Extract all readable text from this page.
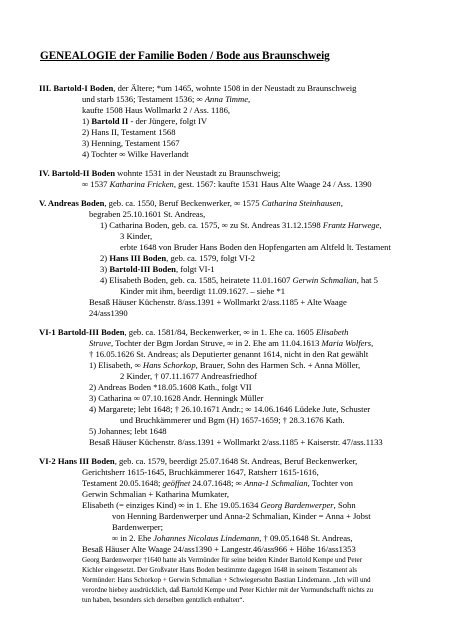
GENEALOGIE der Familie Boden / Bode aus Braunschweig
III. Bartold-I Boden, der Ältere; *um 1465, wohnte 1508 in der Neustadt zu Braunschweig
und starb 1536; Testament 1536; ∞ Anna Timme,
kaufte 1508 Haus Wollmarkt 2 / Ass. 1186,
1) Bartold II - der Jüngere, folgt IV
2) Hans II, Testament 1568
3) Henning, Testament 1567
4) Tochter ∞ Wilke Haverlandt
IV. Bartold-II Boden wohnte 1531 in der Neustadt zu Braunschweig;
∞ 1537 Katharina Fricken, gest. 1567: kaufte 1531 Haus Alte Waage 24 / Ass. 1390
V. Andreas Boden, geb. ca. 1550, Beruf Beckenwerker, ∞ 1575 Catharina Steinhausen,
begraben 25.10.1601 St. Andreas,
1) Catharina Boden, geb. ca. 1575, ∞ zu St. Andreas 31.12.1598 Frantz Harwege,
3 Kinder,
erbte 1648 von Bruder Hans Boden den Hopfengarten am Altfeld lt. Testament
2) Hans III Boden, geb. ca. 1579, folgt VI-2
3) Bartold-III Boden, folgt VI-1
4) Elisabeth Boden, geb. ca. 1585, heiratete 11.01.1607 Gerwin Schmalian, hat 5
Kinder mit ihm, beerdigt 11.09.1627. – siehe *1
Besaß Häuser Küchenstr. 8/ass.1391 + Wollmarkt 2/ass.1185 + Alte Waage
24/ass1390
VI-1 Bartold-III Boden, geb. ca. 1581/84, Beckenwerker, ∞ in 1. Ehe ca. 1605 Elisabeth
Struve, Tochter der Bgm Jordan Struve, ∞ in 2. Ehe am 11.04.1613 Maria Wolfers,
† 16.05.1626 St. Andreas; als Deputierter genannt 1614, nicht in den Rat gewählt
1) Elisabeth, ∞ Hans Schorkop, Brauer, Sohn des Harmen Sch. + Anna Möller,
2 Kinder, † 07.11.1677 Andreasfriedhof
2) Andreas Boden *18.05.1608 Kath., folgt VII
3) Catharina ∞ 07.10.1628 Andr. Henningk Müller
4) Margarete; lebt 1648; † 26.10.1671 Andr.; ∞ 14.06.1646 Lüdeke Jute, Schuster
und Bruchkämmerer und Bgm (H) 1657-1659; † 28.3.1676 Kath.
5) Johannes; lebt 1648
Besaß Häuser Küchenstr. 8/ass.1391 + Wollmarkt 2/ass.1185 + Kaiserstr. 47/ass.1133
VI-2 Hans III Boden, geb. ca. 1579, beerdigt 25.07.1648 St. Andreas, Beruf Beckenwerker,
Gerichtsherr 1615-1645, Bruchkämmerer 1647, Ratsherr 1615-1616,
Testament 20.05.1648; geöffnet 24.07.1648; ∞ Anna-1 Schmalian, Tochter von
Gerwin Schmalian + Katharina Mumkater,
Elisabeth (= einziges Kind) ∞ in 1. Ehe 19.05.1634 Georg Bardenwerper, Sohn
von Henning Bardenwerper und Anna-2 Schmalian, Kinder = Anna + Jobst
Bardenwerper;
∞ in 2. Ehe Johannes Nicolaus Lindemann, † 09.05.1648 St. Andreas,
Besaß Häuser Alte Waage 24/ass1390 + Langestr.46/ass966 + Höhe 16/ass1353
Georg Bardenwerper †1640 hatte als Vermünder für seine beiden Kinder Bartold Kempe und Peter
Kichler eingesetzt. Der Großvater Hans Boden bestimmte dagegen 1648 in seinem Testament als
Vormünder: Hans Schorkop + Gerwin Schmalian + Schwiegersohn Bastian Lindemann. „Ich will und
verordne hiebey ausdrücklich, daß Bartold Kempe und Peter Kichler mit der Vormundschafft nichts zu
tun haben, besonders sich derselben gentzlich enthalten“.
